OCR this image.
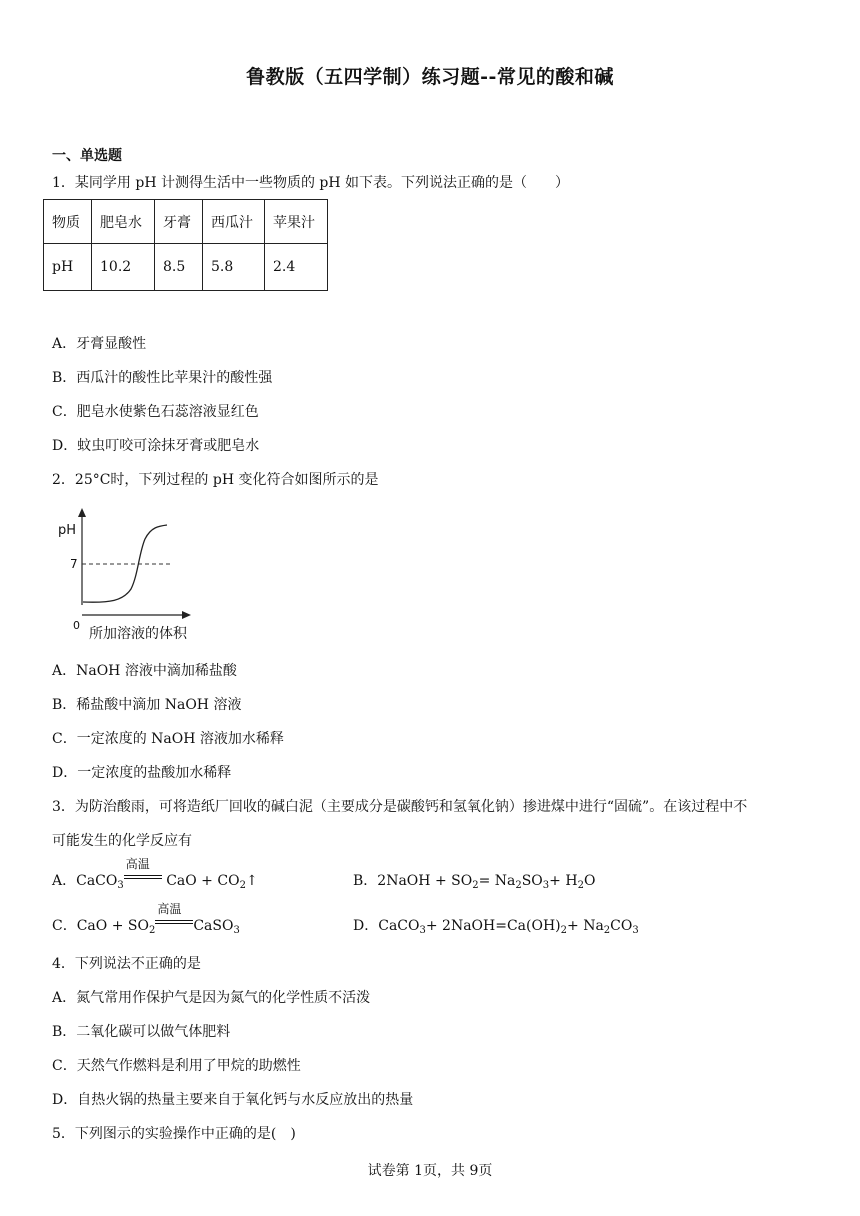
鲁教版（五四学制）练习题--常见的酸和碱
一、单选题
1．某同学用 pH 计测得生活中一些物质的 pH 如下表。下列说法正确的是（　　）
物质	肥皂水	牙膏	西瓜汁	苹果汁
pH	10.2	8.5	5.8	2.4
A．牙膏显酸性
B．西瓜汁的酸性比苹果汁的酸性强
C．肥皂水使紫色石蕊溶液显红色
D．蚊虫叮咬可涂抹牙膏或肥皂水
2．25°C时，下列过程的 pH 变化符合如图所示的是
pH
7
0
所加溶液的体积
A．NaOH 溶液中滴加稀盐酸
B．稀盐酸中滴加 NaOH 溶液
C．一定浓度的 NaOH 溶液加水稀释
D．一定浓度的盐酸加水稀释
3．为防治酸雨，可将造纸厂回收的碱白泥（主要成分是碳酸钙和氢氧化钠）掺进煤中进行“固硫”。在该过程中不
可能发生的化学反应有
A．CaCO$_3$
高温
CaO + $CO_2↑$	B．2NaOH + $SO_2= Na_2SO_3+ H_2O$
C．CaO + $SO_2$
高温
CaSO$_3$	D．CaCO$_3$+ $2NaOH=Ca(OH)_2+ Na_2CO_3$
4．下列说法不正确的是
A．氮气常用作保护气是因为氮气的化学性质不活泼
B．二氧化碳可以做气体肥料
C．天然气作燃料是利用了甲烷的助燃性
D．自热火锅的热量主要来自于氧化钙与水反应放出的热量
5．下列图示的实验操作中正确的是(　)
试卷第 1页，共 9页
